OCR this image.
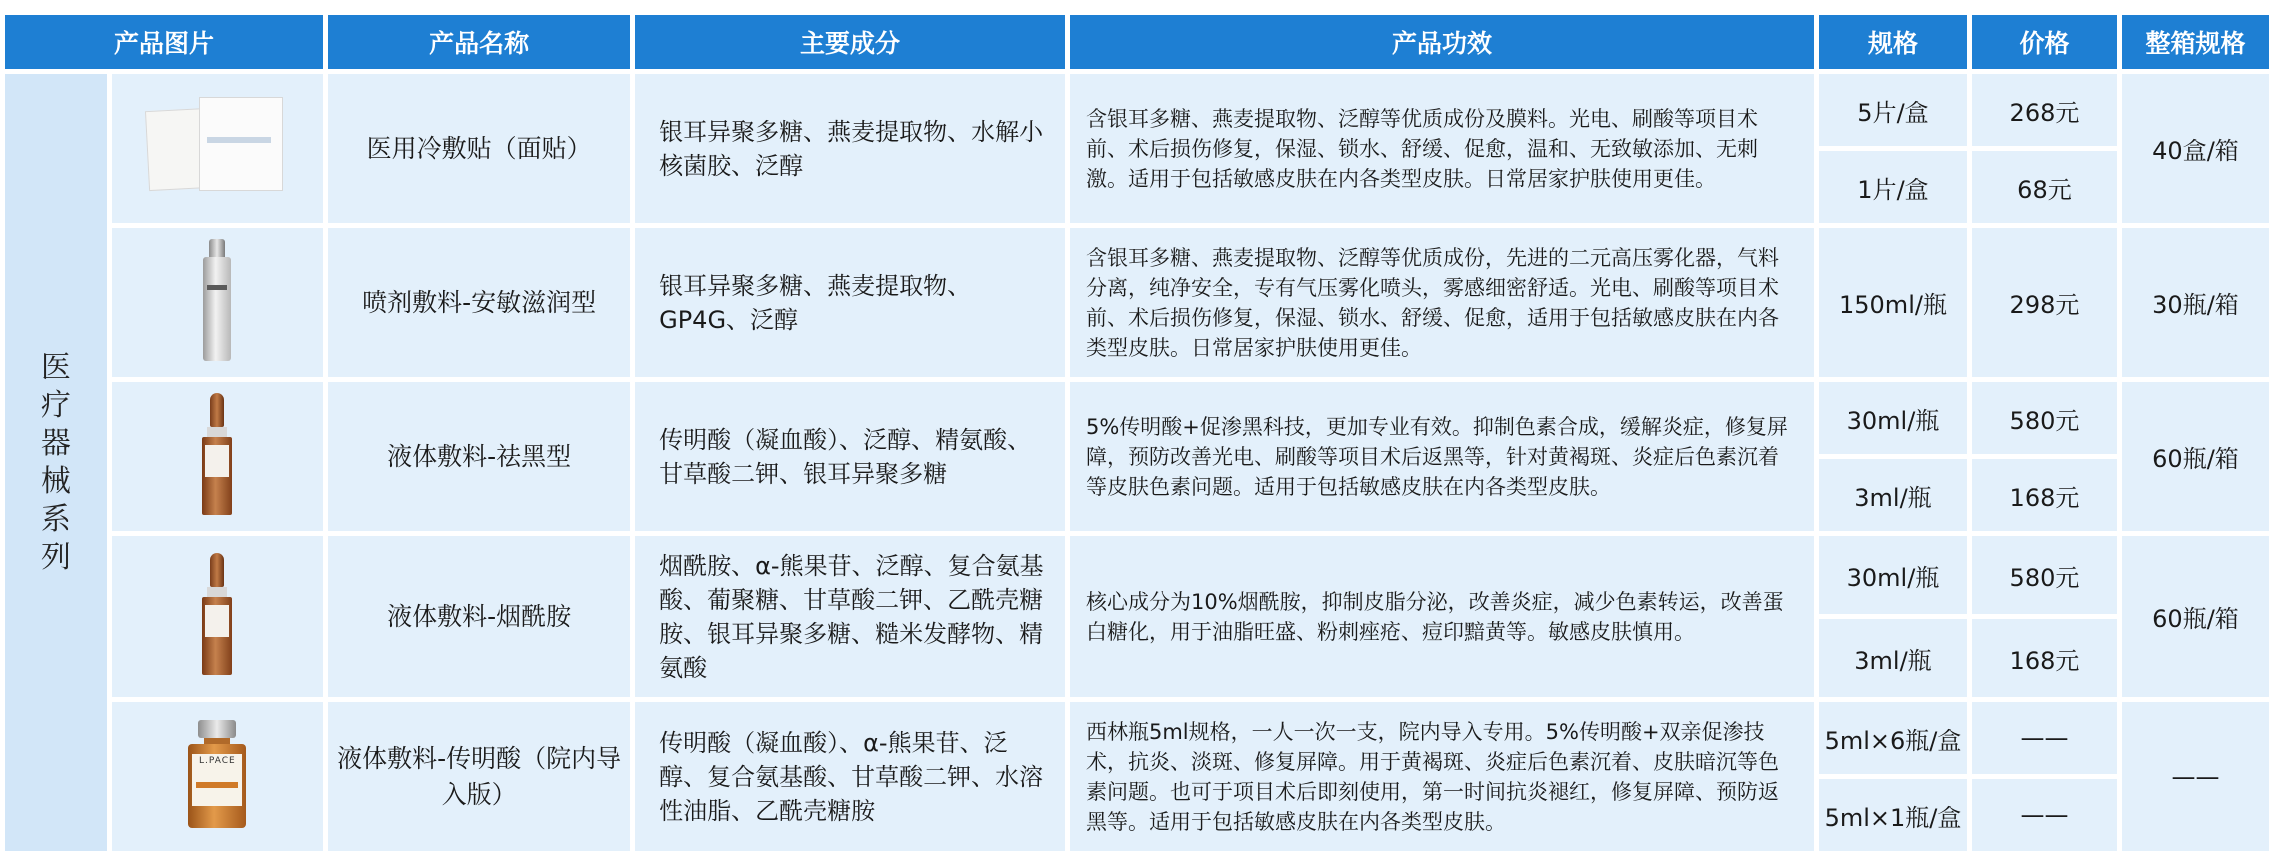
产品图片		产品名称	主要成分	产品功效	规格	价格	整箱规格
医疗器械系列		医用冷敷贴（面贴）	银耳异聚多糖、燕麦提取物、水解小核菌胶、泛醇	含银耳多糖、燕麦提取物、泛醇等优质成份及膜料。光电、刷酸等项目术前、术后损伤修复，保湿、锁水、舒缓、促愈，温和、无致敏添加、无刺激。适用于包括敏感皮肤在内各类型皮肤。日常居家护肤使用更佳。	5片/盒	268元	40盒/箱
					1片/盒	68元	

		喷剂敷料-安敏滋润型	银耳异聚多糖、燕麦提取物、GP4G、泛醇	含银耳多糖、燕麦提取物、泛醇等优质成份，先进的二元高压雾化器，气料分离，纯净安全，专有气压雾化喷头，雾感细密舒适。光电、刷酸等项目术前、术后损伤修复，保湿、锁水、舒缓、促愈，适用于包括敏感皮肤在内各类型皮肤。日常居家护肤使用更佳。	150ml/瓶	298元	30瓶/箱

		液体敷料-祛黑型	传明酸（凝血酸）、泛醇、精氨酸、甘草酸二钾、银耳异聚多糖	5%传明酸+促渗黑科技，更加专业有效。抑制色素合成，缓解炎症，修复屏障，预防改善光电、刷酸等项目术后返黑等，针对黄褐斑、炎症后色素沉着等皮肤色素问题。适用于包括敏感皮肤在内各类型皮肤。	30ml/瓶	580元	60瓶/箱
					3ml/瓶	168元	

		液体敷料-烟酰胺	烟酰胺、α-熊果苷、泛醇、复合氨基酸、葡聚糖、甘草酸二钾、乙酰壳糖胺、银耳异聚多糖、糙米发酵物、精氨酸	核心成分为10%烟酰胺，抑制皮脂分泌，改善炎症，减少色素转运，改善蛋白糖化，用于油脂旺盛、粉刺痤疮、痘印黯黄等。敏感皮肤慎用。	30ml/瓶	580元	60瓶/箱
					3ml/瓶	168元	

	L.PACE	液体敷料-传明酸（院内导入版）	传明酸（凝血酸）、α-熊果苷、泛醇、复合氨基酸、甘草酸二钾、水溶性油脂、乙酰壳糖胺	西林瓶5ml规格，一人一次一支，院内导入专用。5%传明酸+双亲促渗技术，抗炎、淡斑、修复屏障。用于黄褐斑、炎症后色素沉着、皮肤暗沉等色素问题。也可于项目术后即刻使用，第一时间抗炎褪红，修复屏障、预防返黑等。适用于包括敏感皮肤在内各类型皮肤。	5ml×6瓶/盒	——	——
					5ml×1瓶/盒	——	
